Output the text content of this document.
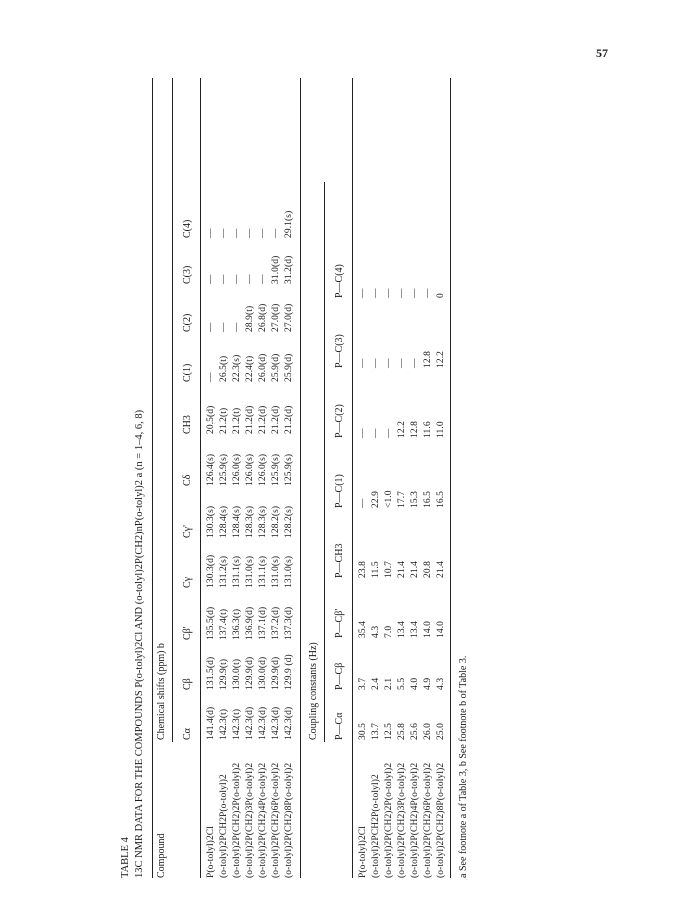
57
TABLE 4 13C NMR DATA FOR THE COMPOUNDS P(o-tolyl)2Cl AND (o-tolyl)2P(CH2)nP(o-tolyl)2 a (n = 1–4, 6, 8) Compound
Chemical shifts (ppm) b Cα
Cβ
Cβ'
Cγ
Cγ'
Cδ
CH3
C(1)
C(2)
C(3)
C(4)
P(o-tolyl)2Cl
141.4(d)
131.5(d)
135.5(d)
130.3(d)
130.3(s)
126.4(s)
20.5(d)
—
—
—
—
(o-tolyl)2PCH2P(o-tolyl)2
142.3(t)
129.9(t)
137.4(t)
131.2(s)
128.4(s)
125.9(s)
21.2(t)
26.5(t)
—
—
—
(o-tolyl)2P(CH2)2P(o-tolyl)2
142.3(t)
130.0(t)
136.3(t)
131.1(s)
128.4(s)
126.0(s)
21.2(t)
22.3(s)
—
—
—
(o-tolyl)2P(CH2)3P(o-tolyl)2
142.3(d)
129.9(d)
136.9(d)
131.0(s)
128.3(s)
126.0(s)
21.2(d)
22.4(t)
28.9(t)
—
—
(o-tolyl)2P(CH2)4P(o-tolyl)2
142.3(d)
130.0(d)
137.1(d)
131.1(s)
128.3(s)
126.0(s)
21.2(d)
26.0(d)
26.8(d)
—
—
(o-tolyl)2P(CH2)6P(o-tolyl)2
142.3(d)
129.9(d)
137.2(d)
131.0(s)
128.2(s)
125.9(s)
21.2(d)
25.9(d)
27.0(d)
31.0(d)
—
(o-tolyl)2P(CH2)8P(o-tolyl)2
142.3(d)
129.9 (d)
137.3(d)
131.0(s)
128.2(s)
125.9(s)
21.2(d)
25.9(d)
27.0(d)
31.2(d)
29.1(s)
Coupling constants (Hz) P—Cα
P—Cβ
P—Cβ'
P—CH3
P—C(1)
P—C(2)
P—C(3)
P—C(4)
P(o-tolyl)2Cl
30.5
3.7
35.4
23.8
—
—
—
—
(o-tolyl)2PCH2P(o-tolyl)2
13.7
2.4
4.3
11.5
22.9
—
—
—
(o-tolyl)2P(CH2)2P(o-tolyl)2
12.5
2.1
7.0
10.7
<1.0
—
—
—
(o-tolyl)2P(CH2)3P(o-tolyl)2
25.8
5.5
13.4
21.4
17.7
12.2
—
—
(o-tolyl)2P(CH2)4P(o-tolyl)2
25.6
4.0
13.4
21.4
15.3
12.8
—
—
(o-tolyl)2P(CH2)6P(o-tolyl)2
26.0
4.9
14.0
20.8
16.5
11.6
12.8
—
(o-tolyl)2P(CH2)8P(o-tolyl)2
25.0
4.3
14.0
21.4
16.5
11.0
12.2
0
a See footnote a of Table 3, b See footnote b of Table 3.
